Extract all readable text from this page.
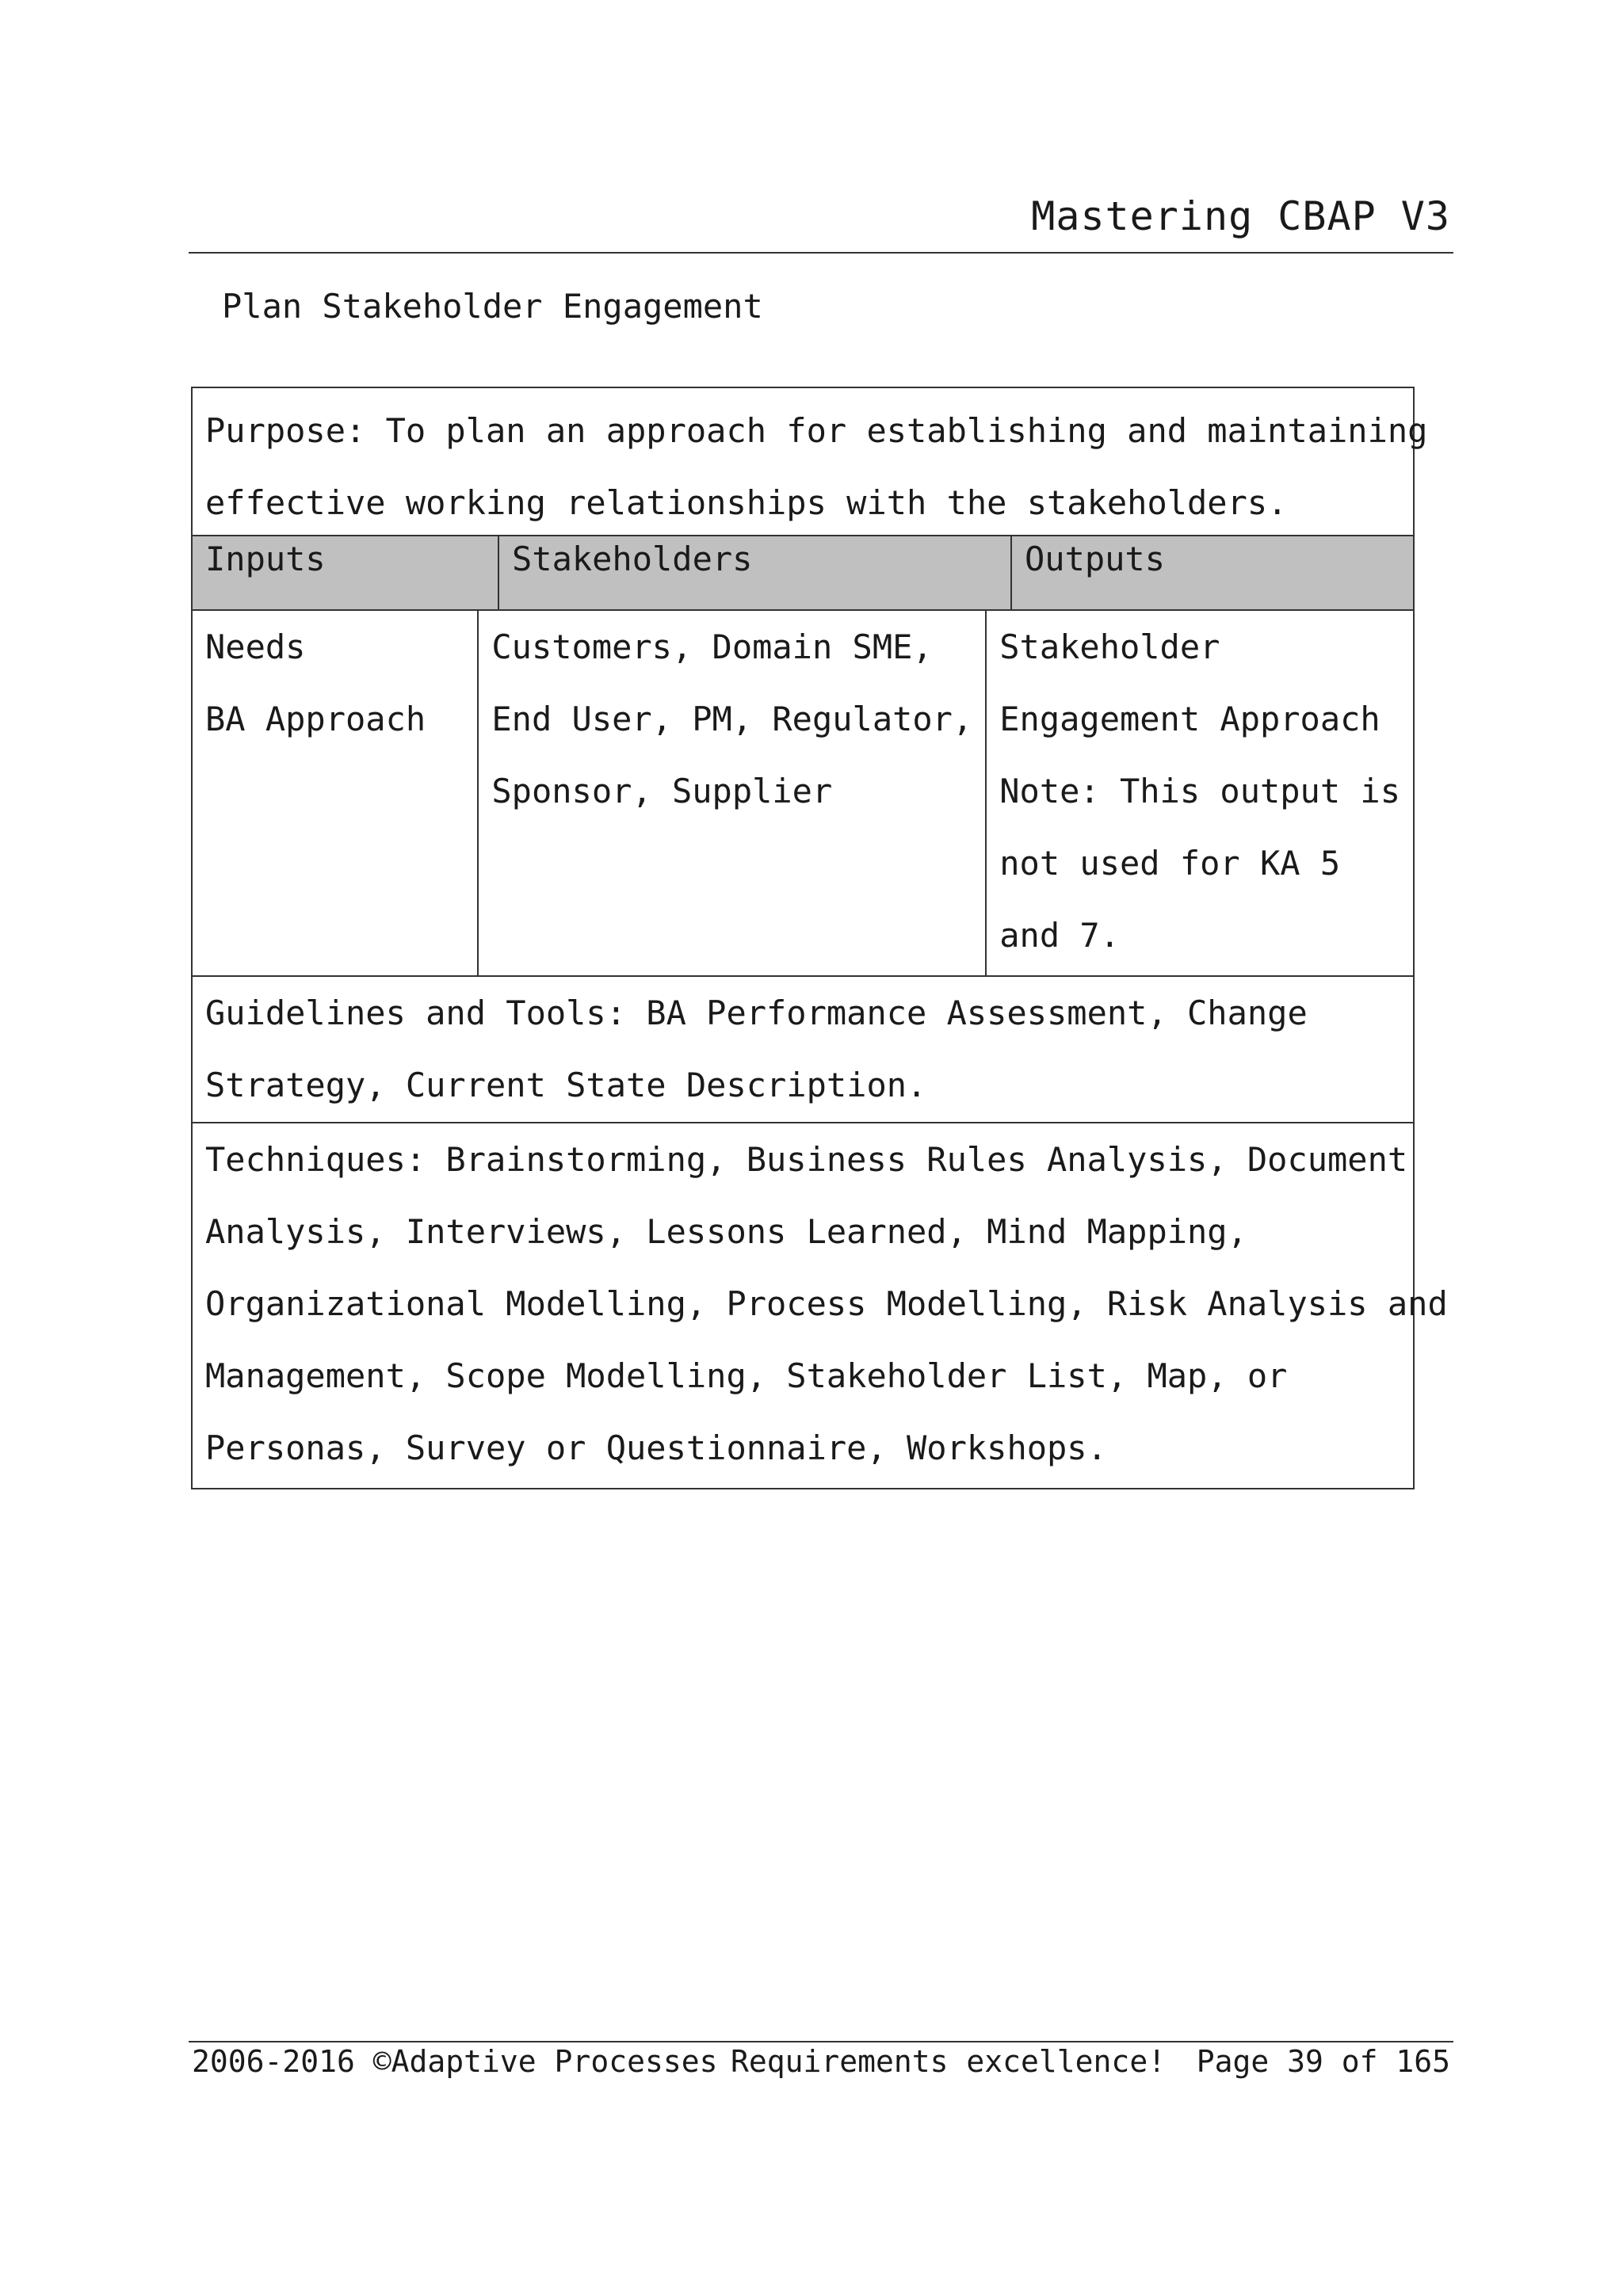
Mastering CBAP V3
Plan Stakeholder Engagement
Purpose: To plan an approach for establishing and maintaining
effective working relationships with the stakeholders.
Inputs	Stakeholders	Outputs
Needs
BA Approach
Customers, Domain SME,
End User, PM, Regulator,
Sponsor, Supplier
Stakeholder
Engagement Approach
Note: This output is
not used for KA 5
and 7.
Guidelines and Tools: BA Performance Assessment, Change
Strategy, Current State Description.
Techniques: Brainstorming, Business Rules Analysis, Document
Analysis, Interviews, Lessons Learned, Mind Mapping,
Organizational Modelling, Process Modelling, Risk Analysis and
Management, Scope Modelling, Stakeholder List, Map, or
Personas, Survey or Questionnaire, Workshops.
2006-2016 ©Adaptive Processes Requirements excellence! Page 39 of 165
